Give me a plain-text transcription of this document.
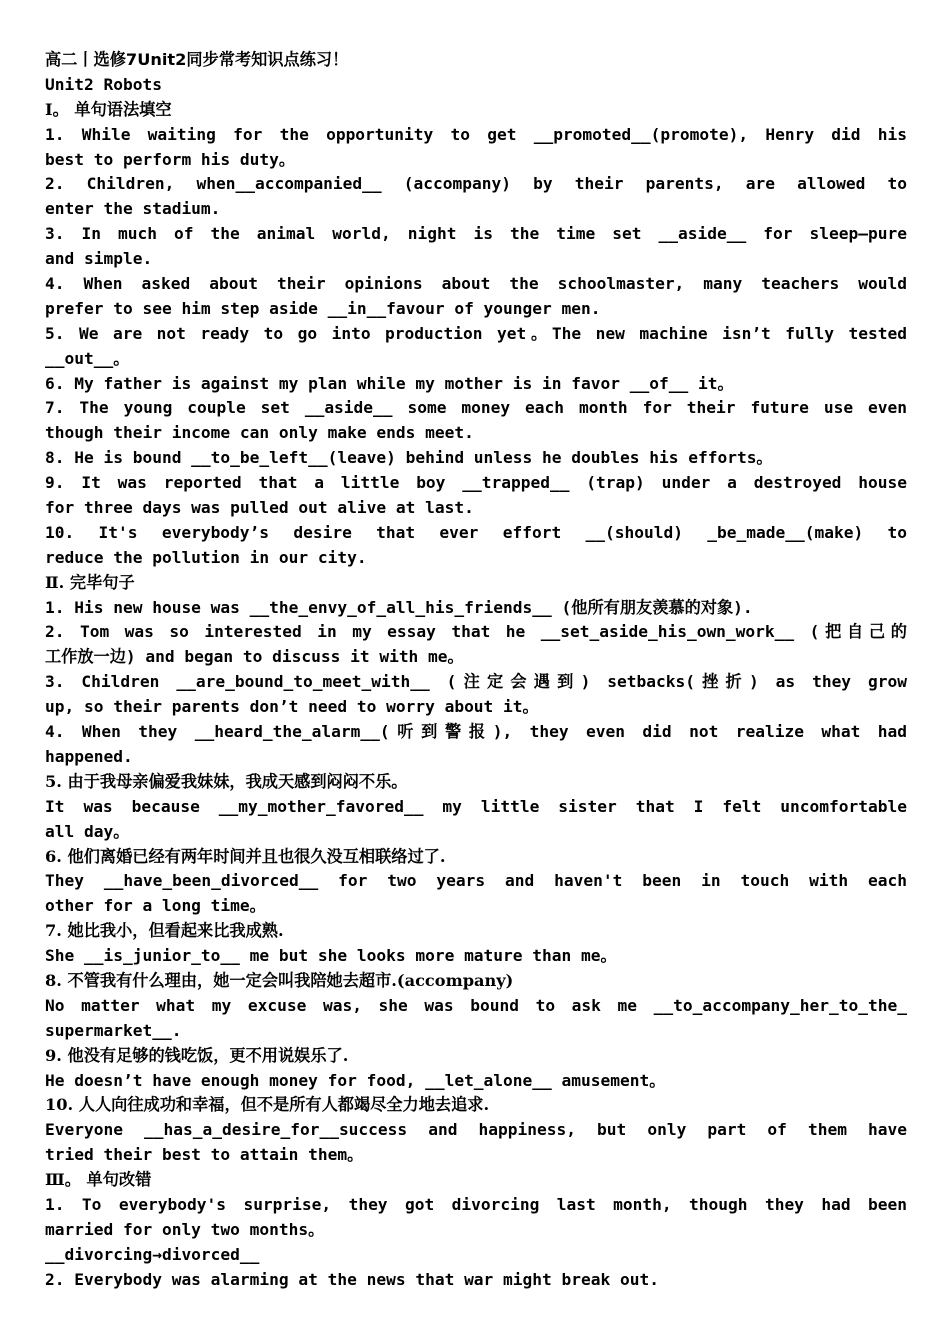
高二丨选修7Unit2同步常考知识点练习！
Unit2 Robots
Ⅰ。 单句语法填空
1. While waiting for the opportunity to get __promoted__(promote), Henry did his
best to perform his duty。
2. Children, when__accompanied__ (accompany) by their parents, are allowed to
enter the stadium.
3. In much of the animal world, night is the time set __aside__ for sleep—pure
and simple.
4. When asked about their opinions about the schoolmaster, many teachers would
prefer to see him step aside __in__favour of younger men.
5. We are not ready to go into production yet。The new machine isn’t fully tested
__out__。
6. My father is against my plan while my mother is in favor __of__ it。
7. The young couple set __aside__ some money each month for their future use even
though their income can only make ends meet.
8. He is bound __to_be_left__(leave) behind unless he doubles his efforts。
9. It was reported that a little boy __trapped__ (trap) under a destroyed house
for three days was pulled out alive at last.
10. It's everybody’s desire that ever effort __(should) _be_made__(make) to
reduce the pollution in our city.
Ⅱ. 完毕句子
1. His new house was __the_envy_of_all_his_friends__ (他所有朋友羡慕的对象).
2. Tom was so interested in my essay that he __set_aside_his_own_work__ (把自己的
工作放一边) and began to discuss it with me。
3. Children __are_bound_to_meet_with__ (注定会遇到) setbacks(挫折) as they grow
up, so their parents don’t need to worry about it。
4. When they __heard_the_alarm__(听到警报), they even did not realize what had
happened.
5. 由于我母亲偏爱我妹妹，我成天感到闷闷不乐。
It was because __my_mother_favored__ my little sister that I felt uncomfortable
all day。
6. 他们离婚已经有两年时间并且也很久没互相联络过了.
They __have_been_divorced__ for two years and haven't been in touch with each
other for a long time。
7. 她比我小，但看起来比我成熟.
She __is_junior_to__ me but she looks more mature than me。
8. 不管我有什么理由，她一定会叫我陪她去超市.(accompany)
No matter what my excuse was, she was bound to ask me __to_accompany_her_to_the_
supermarket__.
9. 他没有足够的钱吃饭，更不用说娱乐了.
He doesn’t have enough money for food, __let_alone__ amusement。
10. 人人向往成功和幸福，但不是所有人都竭尽全力地去追求.
Everyone __has_a_desire_for__success and happiness, but only part of them have
tried their best to attain them。
Ⅲ。 单句改错
1. To everybody's surprise, they got divorcing last month, though they had been
married for only two months。
__divorcing→divorced__
2. Everybody was alarming at the news that war might break out.
